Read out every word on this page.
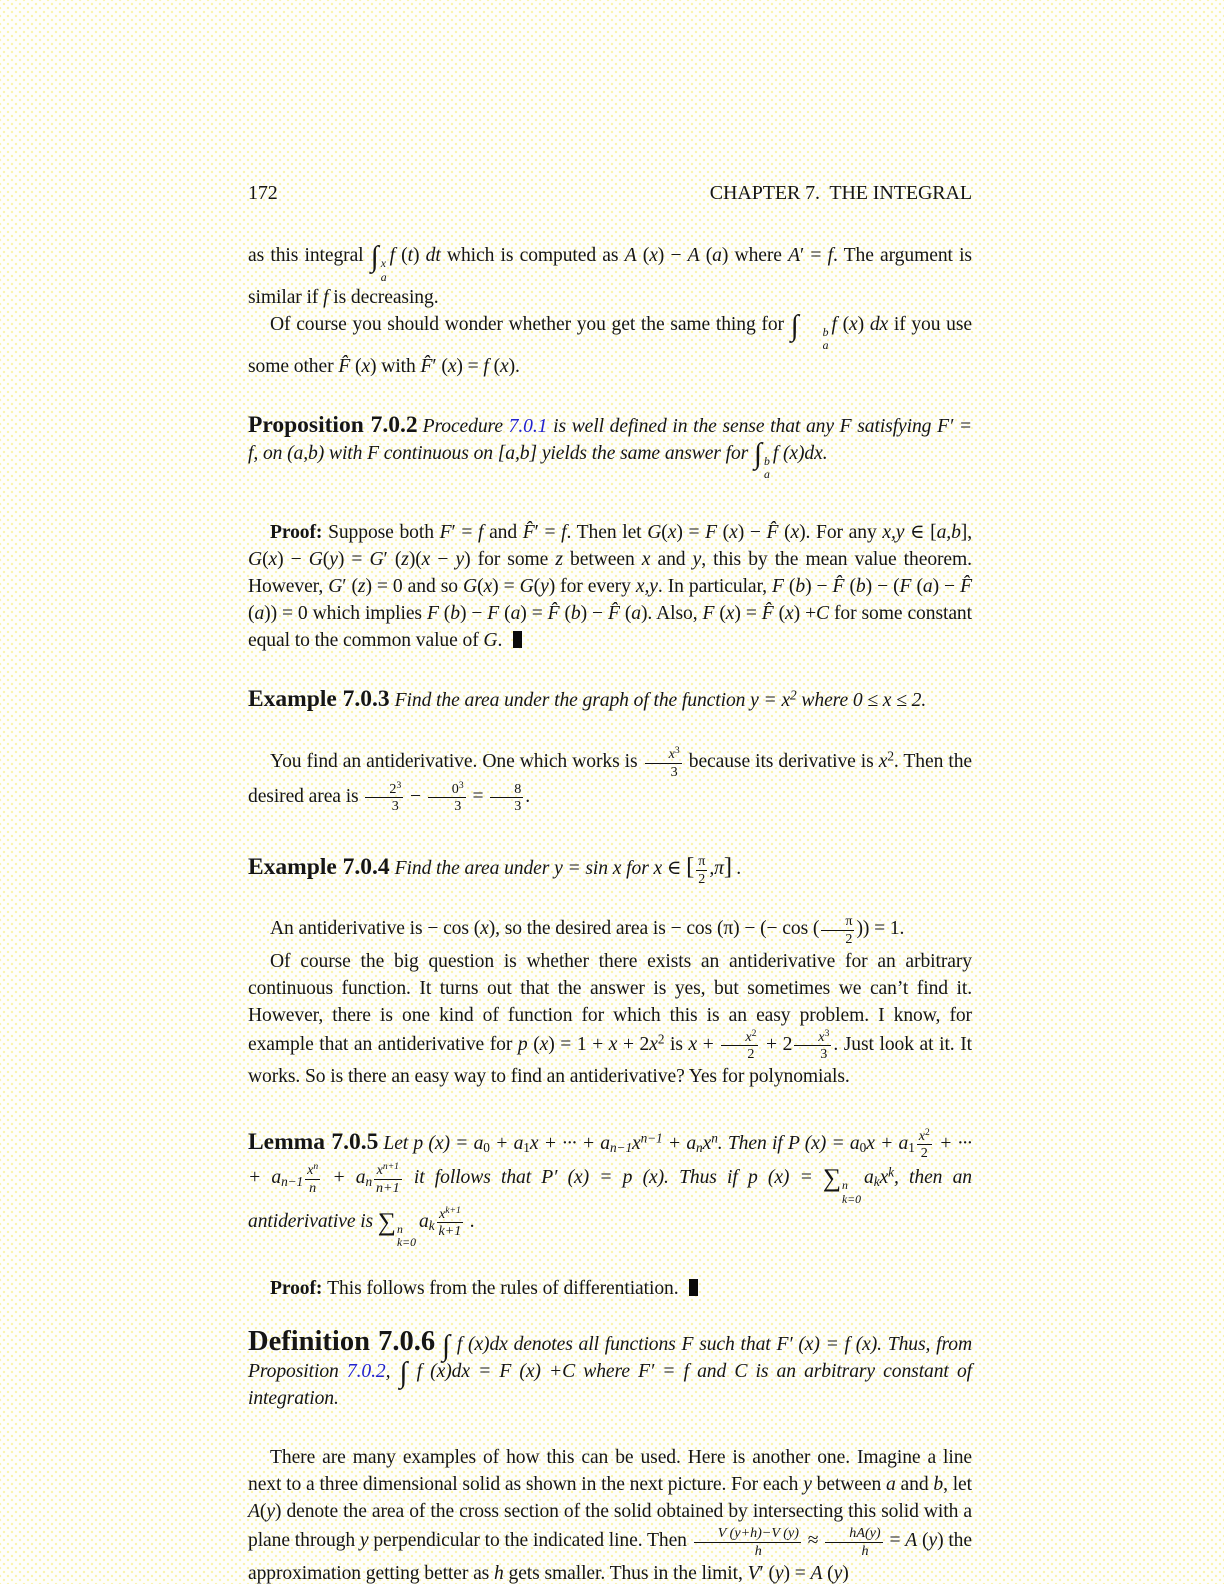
172	CHAPTER 7.  THE INTEGRAL

as this integral ∫ x
a
f (t) dt which is computed as A (x) − A (a) where A′ = f. The argument is similar if f is decreasing.

Of course you should wonder whether you get the same thing for ∫	b
a
f (x) dx if you use some other F̂ (x) with F̂′ (x) = f (x).

Proposition 7.0.2 Procedure 7.0.1 is well defined in the sense that any F satisfying F′ = f, on (a,b) with F continuous on [a,b] yields the same answer for ∫ b
a
f (x)dx.

Proof: Suppose both F′ = f and F̂′ = f. Then let G(x) = F (x) − F̂ (x). For any x,y ∈ [a,b], G(x) − G(y) = G′ (z)(x − y) for some z between x and y, this by the mean value theorem. However, G′ (z) = 0 and so G(x) = G(y) for every x,y. In particular, F (b) − F̂ (b) − (F (a) − F̂ (a)) = 0 which implies F (b) − F (a) = F̂ (b) − F̂ (a). Also, F (x) = F̂ (x) +C for some constant equal to the common value of G.

Example 7.0.3 Find the area under the graph of the function $y = x^2$ where 0 ≤ x ≤ 2.

You find an antiderivative. One which works is $\frac{x^3}{3}$ because its derivative is $x^2$. Then the desired area is $\frac{2^3}{3} - \frac{0^3}{3} = \frac{8}{3}$ .

Example 7.0.4 Find the area under y = sin x for x ∈ [ $\frac{\pi}{2} ,\pi$] .

An antiderivative is − cos (x), so the desired area is − cos (π) − (− cos ( $\frac{\pi}{2}$ )) = 1.

Of course the big question is whether there exists an antiderivative for an arbitrary continuous function. It turns out that the answer is yes, but sometimes we can’t find it. However, there is one kind of function for which this is an easy problem. I know, for example that an antiderivative for p $(x) = 1 + x + 2x^2$ is $x + \frac{x^2}{2} + 2 \frac{x^3}{3}$ . Just look at it. It works. So is there an easy way to find an antiderivative? Yes for polynomials.

Lemma 7.0.5 Let p (x) = a0 + a1x + ··· + $an-1x^{n-1} + anx^n$. Then if P $(x) = a0x + a1 \frac{x^2}{2}$ + ··· + $an-1 \frac{x^n}{n}$ + an $\frac{x^{n+1}}{n+1}$ it follows that P′ (x) = p (x). Thus if p (x) = ∑ n
k=0
akx$^k$, then an antiderivative is ∑ n
k=0
ak $\frac{x^{k+1}}{k+1}$ .

Proof: This follows from the rules of differentiation.

Definition 7.0.6 ∫ f (x)dx denotes all functions F such that F′ (x) = f (x). Thus, from Proposition 7.0.2, ∫ f (x)dx = F (x) +C where F′ = f and C is an arbitrary constant of integration.

There are many examples of how this can be used. Here is another one. Imagine a line next to a three dimensional solid as shown in the next picture. For each y between a and b, let A(y) denote the area of the cross section of the solid obtained by intersecting this solid with a plane through y perpendicular to the indicated line. Then $\frac{V (y+h)-V (y)}{h} \approx \frac{hA(y)}{h} = A$ (y) the approximation getting better as h gets smaller. Thus in the limit, V′ (y) = A (y)
